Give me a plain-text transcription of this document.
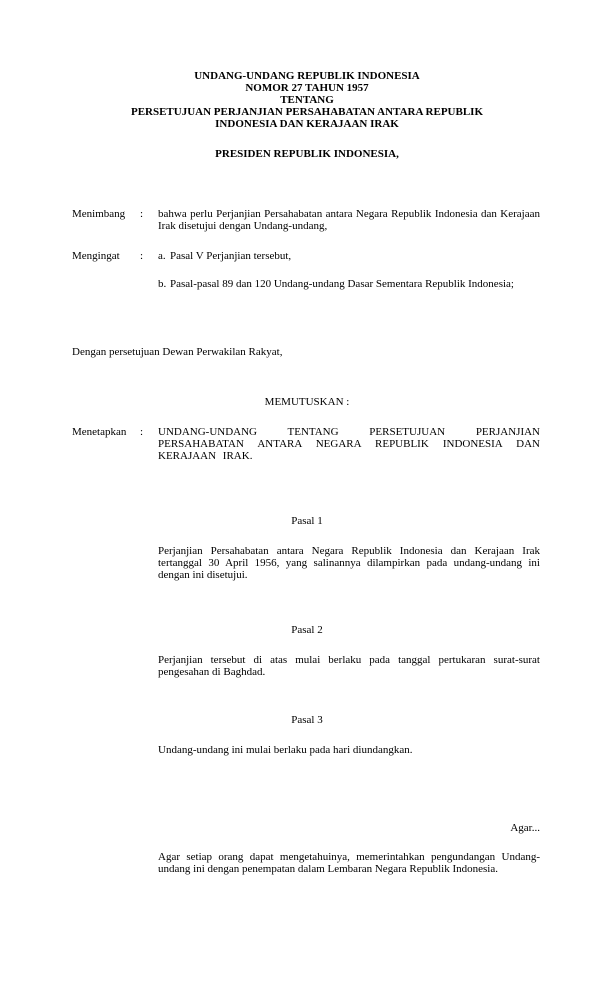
UNDANG-UNDANG REPUBLIK INDONESIA
NOMOR 27 TAHUN 1957
TENTANG
PERSETUJUAN PERJANJIAN PERSAHABATAN ANTARA REPUBLIK
INDONESIA DAN KERAJAAN IRAK
PRESIDEN REPUBLIK INDONESIA,
Menimbang : bahwa perlu Perjanjian Persahabatan antara Negara Republik Indonesia dan Kerajaan Irak disetujui dengan Undang-undang,
Mengingat : a. Pasal V Perjanjian tersebut,
b. Pasal-pasal 89 dan 120 Undang-undang Dasar Sementara Republik Indonesia;
Dengan persetujuan Dewan Perwakilan Rakyat,
MEMUTUSKAN :
Menetapkan : UNDANG-UNDANG TENTANG PERSETUJUAN PERJANJIAN PERSAHABATAN ANTARA NEGARA REPUBLIK INDONESIA DAN KERAJAAN IRAK.
Pasal 1
Perjanjian Persahabatan antara Negara Republik Indonesia dan Kerajaan Irak tertanggal 30 April 1956, yang salinannya dilampirkan pada undang-undang ini dengan ini disetujui.
Pasal 2
Perjanjian tersebut di atas mulai berlaku pada tanggal pertukaran surat-surat pengesahan di Baghdad.
Pasal 3
Undang-undang ini mulai berlaku pada hari diundangkan.
Agar...
Agar setiap orang dapat mengetahuinya, memerintahkan pengundangan Undang-undang ini dengan penempatan dalam Lembaran Negara Republik Indonesia.
